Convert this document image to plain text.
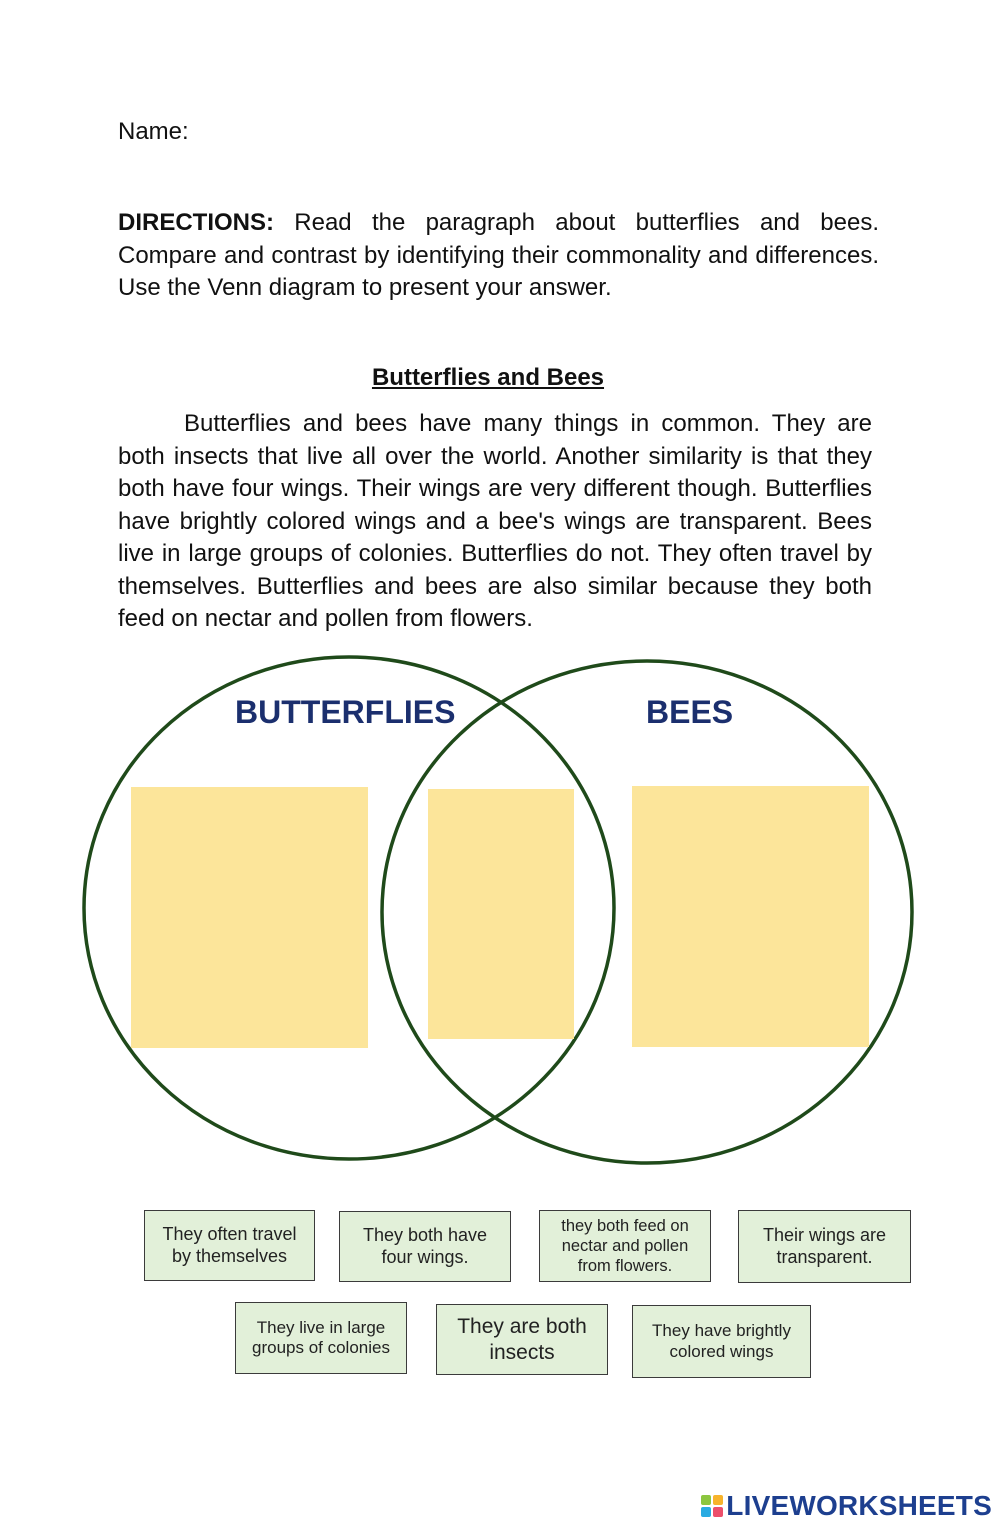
Name:
DIRECTIONS: Read the paragraph about butterflies and bees. Compare and contrast by identifying their commonality and differences. Use the Venn diagram to present your answer.
Butterflies and Bees
Butterflies and bees have many things in common. They are both insects that live all over the world. Another similarity is that they both have four wings. Their wings are very different though. Butterflies have brightly colored wings and a bee's wings are transparent. Bees live in large groups of colonies. Butterflies do not. They often travel by themselves. Butterflies and bees are also similar because they both feed on nectar and pollen from flowers.
BUTTERFLIES	BEES
They often travel by themselves
They both have four wings.
they both feed on nectar and pollen from flowers.
Their wings are transparent.
They live in large groups of colonies
They are both insects
They have brightly colored wings
LIVEWORKSHEETS
